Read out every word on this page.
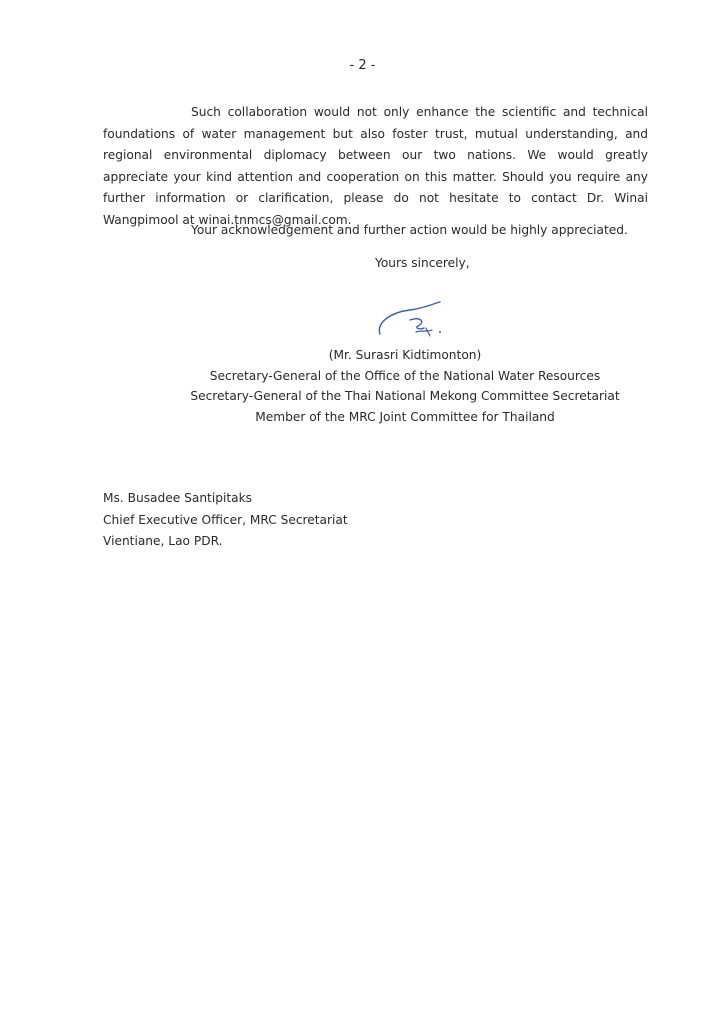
- 2 -
Such collaboration would not only enhance the scientific and technical foundations of water management but also foster trust, mutual understanding, and regional environmental diplomacy between our two nations. We would greatly appreciate your kind attention and cooperation on this matter. Should you require any further information or clarification, please do not hesitate to contact Dr. Winai Wangpimool at winai.tnmcs@gmail.com.
Your acknowledgement and further action would be highly appreciated.
Yours sincerely,
(Mr. Surasri Kidtimonton)
Secretary-General of the Office of the National Water Resources
Secretary-General of the Thai National Mekong Committee Secretariat
Member of the MRC Joint Committee for Thailand
Ms. Busadee Santipitaks
Chief Executive Officer, MRC Secretariat
Vientiane, Lao PDR.
